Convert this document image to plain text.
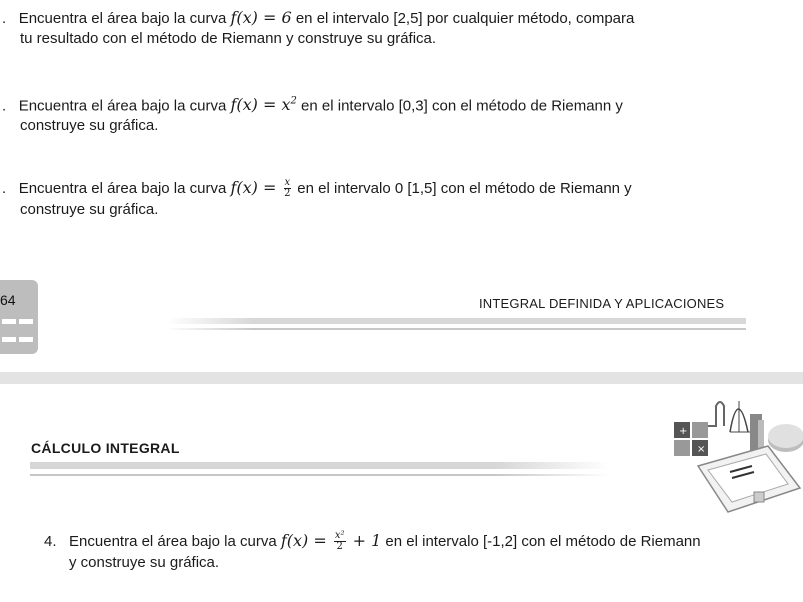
. Encuentra el área bajo la curva f(x) = 6 en el intervalo [2,5] por cualquier método, compara
tu resultado con el método de Riemann y construye su gráfica.
. Encuentra el área bajo la curva $f(x) = x^2$ en el intervalo [0,3] con el método de Riemann y
construye su gráfica.
. Encuentra el área bajo la curva $f(x) = \frac{x}{2}$ en el intervalo 0 [1,5] con el método de Riemann y
construye su gráfica.
64
	INTEGRAL DEFINIDA Y APLICACIONES
CÁLCULO INTEGRAL
+
×
4. Encuentra el área bajo la curva $f(x) = \frac{\text{x²}}{2} + 1$ en el intervalo [-1,2] con el método de Riemann
y construye su gráfica.
